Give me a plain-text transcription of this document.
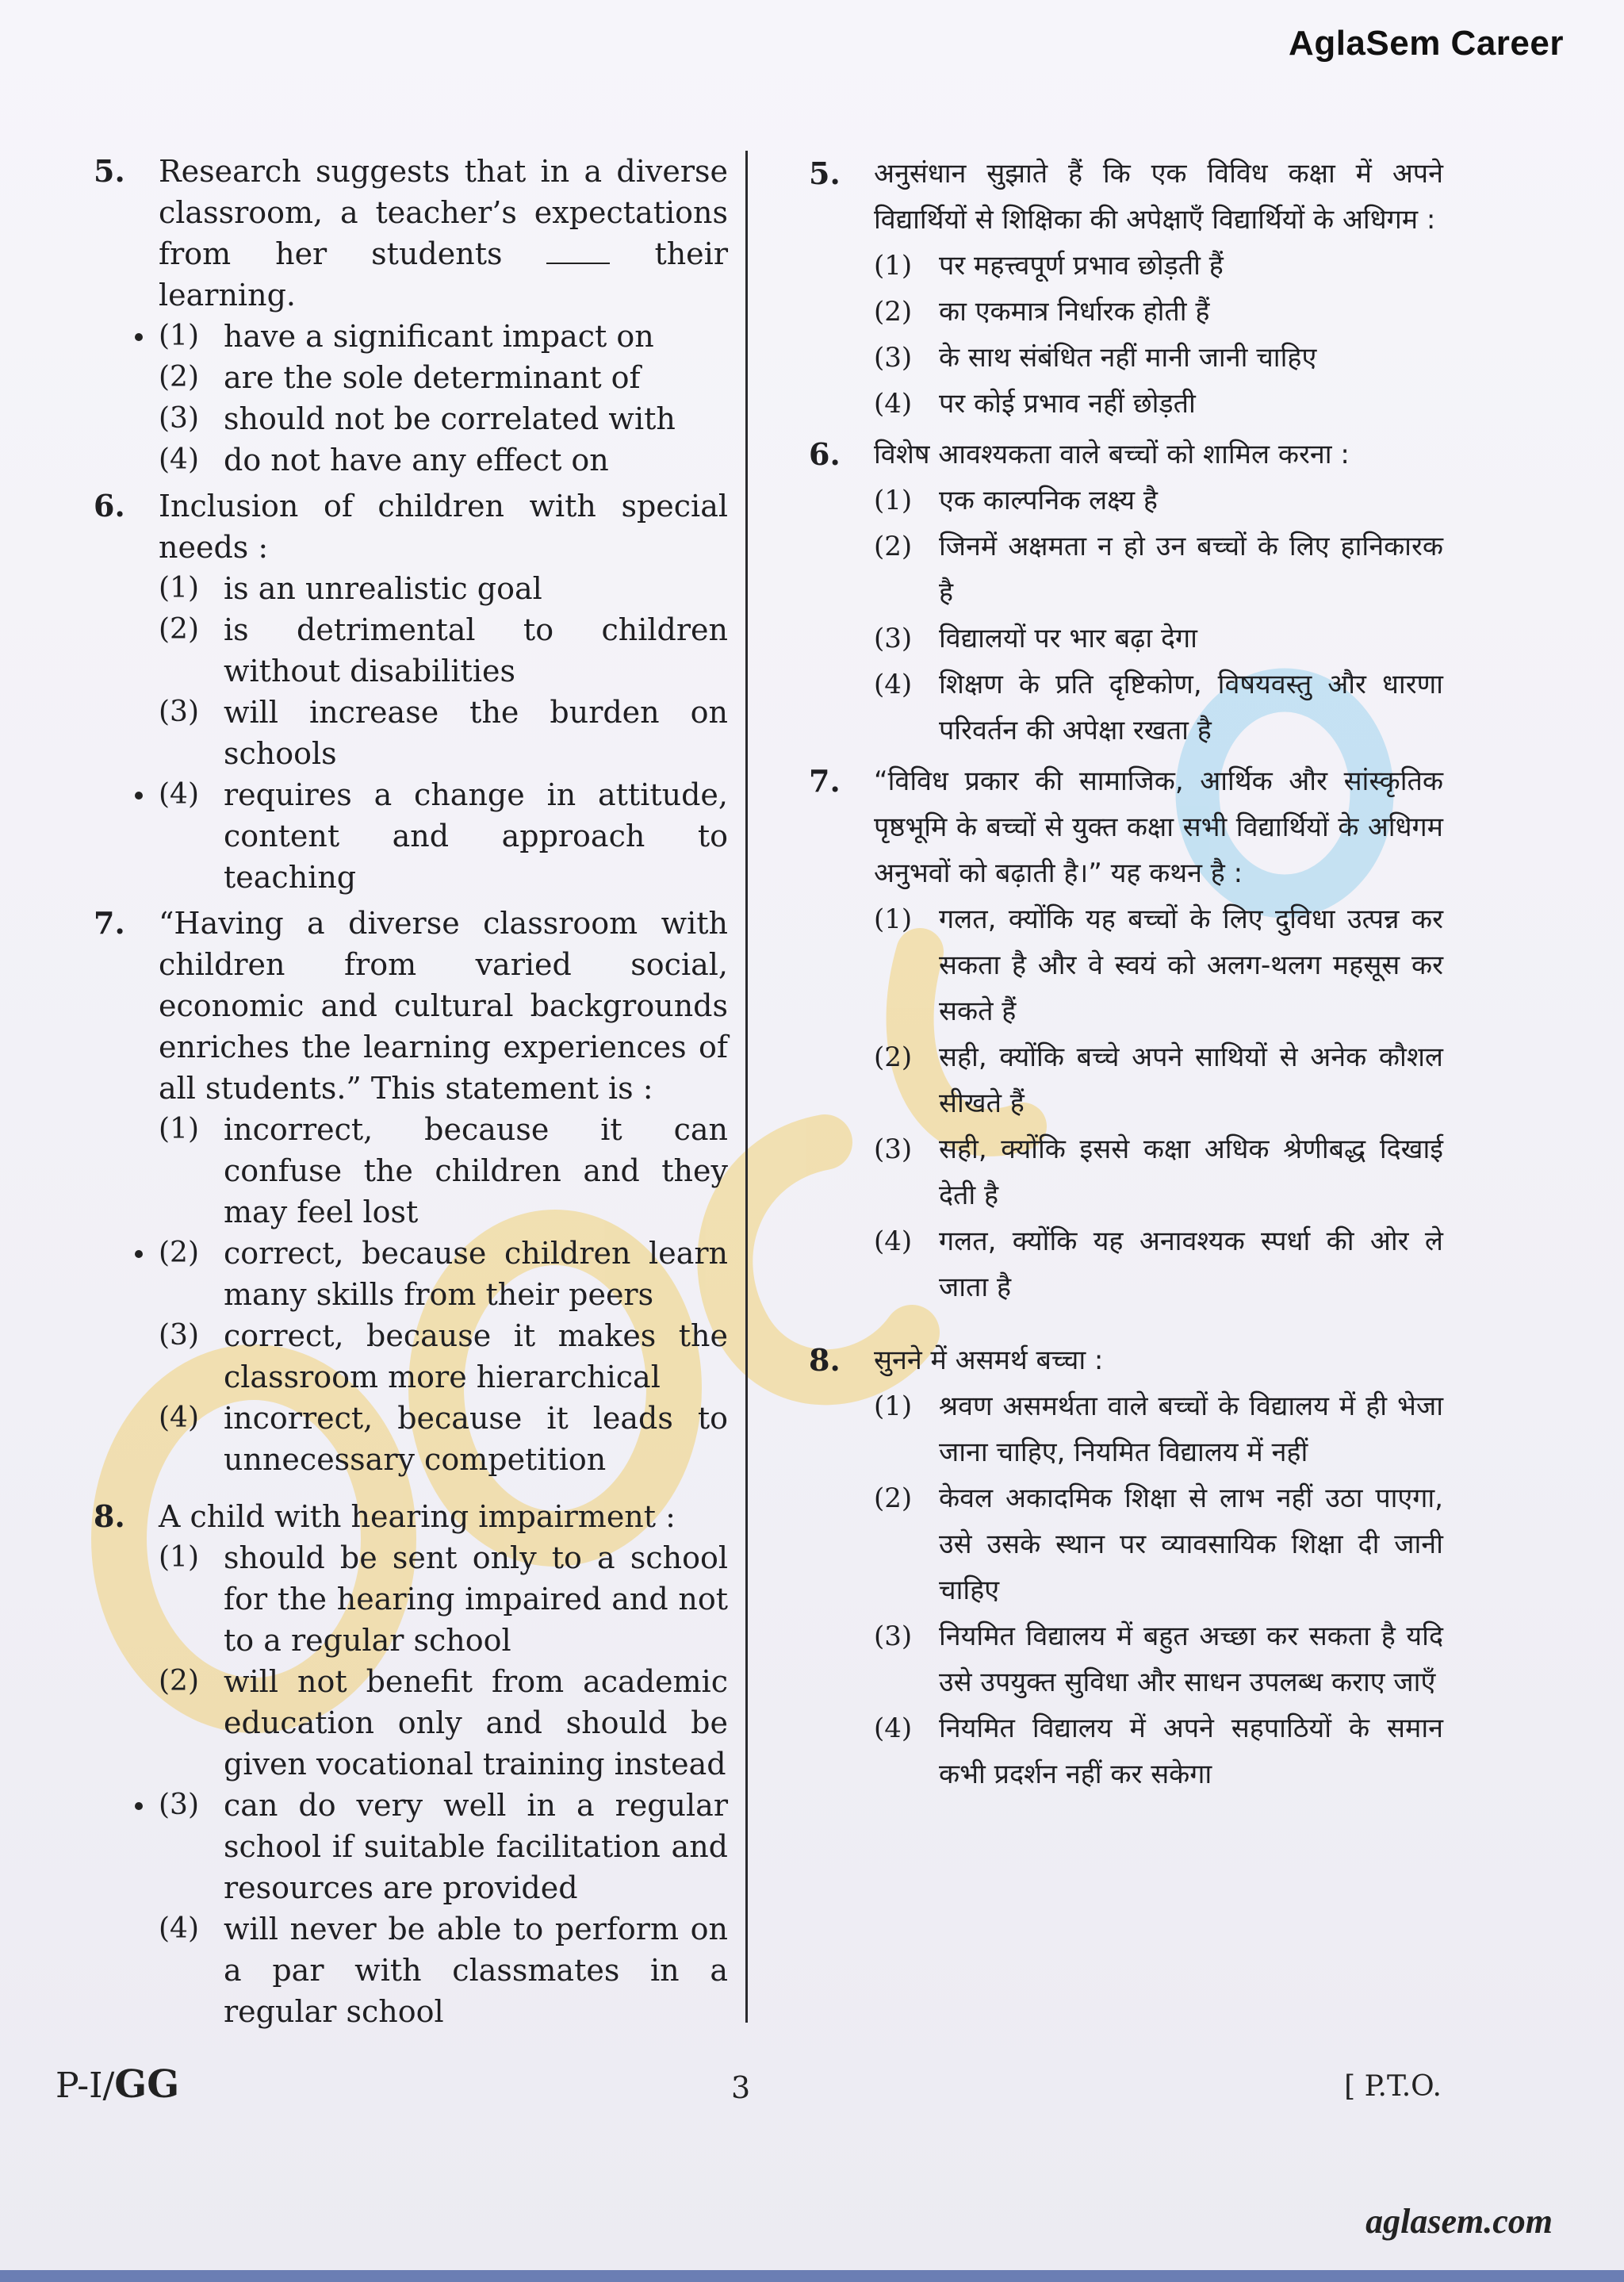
AglaSem Career
5. Research suggests that in a diverse classroom, a teacher’s expectations from her students	their learning.
(1) have a significant impact on
(2) are the sole determinant of
(3) should not be correlated with
(4) do not have any effect on
6. Inclusion of children with special needs :
(1) is an unrealistic goal
(2) is detrimental to children without disabilities
(3) will increase the burden on schools
(4) requires a change in attitude, content and approach to teaching
7. “Having a diverse classroom with children from varied social, economic and cultural backgrounds enriches the learning experiences of all students.” This statement is :
(1) incorrect, because it can confuse the children and they may feel lost
(2) correct, because children learn many skills from their peers
(3) correct, because it makes the classroom more hierarchical
(4) incorrect, because it leads to unnecessary competition
8. A child with hearing impairment :
(1) should be sent only to a school for the hearing impaired and not to a regular school
(2) will not benefit from academic education only and should be given vocational training instead
(3) can do very well in a regular school if suitable facilitation and resources are provided
(4) will never be able to perform on a par with classmates in a regular school
5. अनुसंधान सुझाते हैं कि एक विविध कक्षा में अपने विद्यार्थियों से शिक्षिका की अपेक्षाएँ विद्यार्थियों के अधिगम :
(1) पर महत्त्वपूर्ण प्रभाव छोड़ती हैं
(2) का एकमात्र निर्धारक होती हैं
(3) के साथ संबंधित नहीं मानी जानी चाहिए
(4) पर कोई प्रभाव नहीं छोड़ती
6. विशेष आवश्यकता वाले बच्चों को शामिल करना :
(1) एक काल्पनिक लक्ष्य है
(2) जिनमें अक्षमता न हो उन बच्चों के लिए हानिकारक है
(3) विद्यालयों पर भार बढ़ा देगा
(4) शिक्षण के प्रति दृष्टिकोण, विषयवस्तु और धारणा परिवर्तन की अपेक्षा रखता है
7. “विविध प्रकार की सामाजिक, आर्थिक और सांस्कृतिक पृष्ठभूमि के बच्चों से युक्त कक्षा सभी विद्यार्थियों के अधिगम अनुभवों को बढ़ाती है।” यह कथन है :
(1) गलत, क्योंकि यह बच्चों के लिए दुविधा उत्पन्न कर सकता है और वे स्वयं को अलग-थलग महसूस कर सकते हैं
(2) सही, क्योंकि बच्चे अपने साथियों से अनेक कौशल सीखते हैं
(3) सही, क्योंकि इससे कक्षा अधिक श्रेणीबद्ध दिखाई देती है
(4) गलत, क्योंकि यह अनावश्यक स्पर्धा की ओर ले जाता है
8. सुनने में असमर्थ बच्चा :
(1) श्रवण असमर्थता वाले बच्चों के विद्यालय में ही भेजा जाना चाहिए, नियमित विद्यालय में नहीं
(2) केवल अकादमिक शिक्षा से लाभ नहीं उठा पाएगा, उसे उसके स्थान पर व्यावसायिक शिक्षा दी जानी चाहिए
(3) नियमित विद्यालय में बहुत अच्छा कर सकता है यदि उसे उपयुक्त सुविधा और साधन उपलब्ध कराए जाएँ
(4) नियमित विद्यालय में अपने सहपाठियों के समान कभी प्रदर्शन नहीं कर सकेगा
P-I/GG	3	[ P.T.O.
aglasem.com
